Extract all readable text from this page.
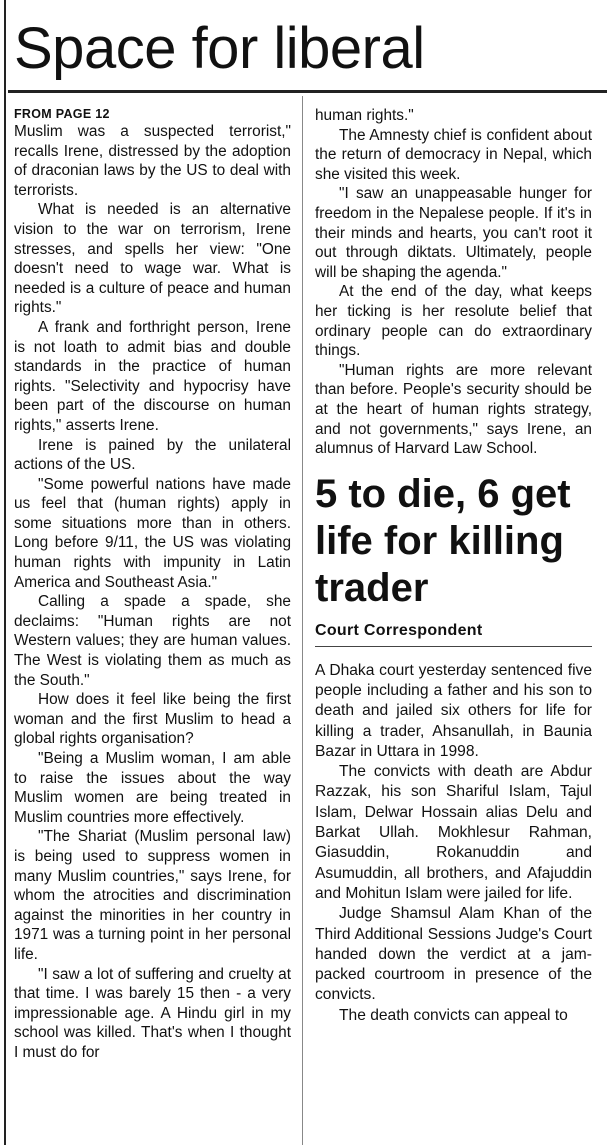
Space for liberal

FROM PAGE 12

Muslim was a suspected terrorist," recalls Irene, distressed by the adoption of draconian laws by the US to deal with terrorists.

What is needed is an alternative vision to the war on terrorism, Irene stresses, and spells her view: "One doesn't need to wage war. What is needed is a culture of peace and human rights."

A frank and forthright person, Irene is not loath to admit bias and double standards in the practice of human rights. "Selectivity and hypocrisy have been part of the discourse on human rights," asserts Irene.

Irene is pained by the unilateral actions of the US.

"Some powerful nations have made us feel that (human rights) apply in some situations more than in others. Long before 9/11, the US was violating human rights with impunity in Latin America and Southeast Asia."

Calling a spade a spade, she declaims: "Human rights are not Western values; they are human values. The West is violating them as much as the South."

How does it feel like being the first woman and the first Muslim to head a global rights organisation?

"Being a Muslim woman, I am able to raise the issues about the way Muslim women are being treated in Muslim countries more effectively.

"The Shariat (Muslim personal law) is being used to suppress women in many Muslim countries," says Irene, for whom the atrocities and discrimination against the minorities in her country in 1971 was a turning point in her personal life.

"I saw a lot of suffering and cruelty at that time. I was barely 15 then - a very impressionable age. A Hindu girl in my school was killed. That's when I thought I must do for

human rights."

The Amnesty chief is confident about the return of democracy in Nepal, which she visited this week.

"I saw an unappeasable hunger for freedom in the Nepalese people. If it's in their minds and hearts, you can't root it out through diktats. Ultimately, people will be shaping the agenda."

At the end of the day, what keeps her ticking is her resolute belief that ordinary people can do extraordinary things.

"Human rights are more relevant than before. People's security should be at the heart of human rights strategy, and not governments," says Irene, an alumnus of Harvard Law School.

5 to die, 6 get life for killing trader

Court Correspondent

A Dhaka court yesterday sentenced five people including a father and his son to death and jailed six others for life for killing a trader, Ahsanullah, in Baunia Bazar in Uttara in 1998.

The convicts with death are Abdur Razzak, his son Shariful Islam, Tajul Islam, Delwar Hossain alias Delu and Barkat Ullah. Mokhlesur Rahman, Giasuddin, Rokanuddin and Asumuddin, all brothers, and Afajuddin and Mohitun Islam were jailed for life.

Judge Shamsul Alam Khan of the Third Additional Sessions Judge's Court handed down the verdict at a jam-packed courtroom in presence of the convicts.

The death convicts can appeal to
